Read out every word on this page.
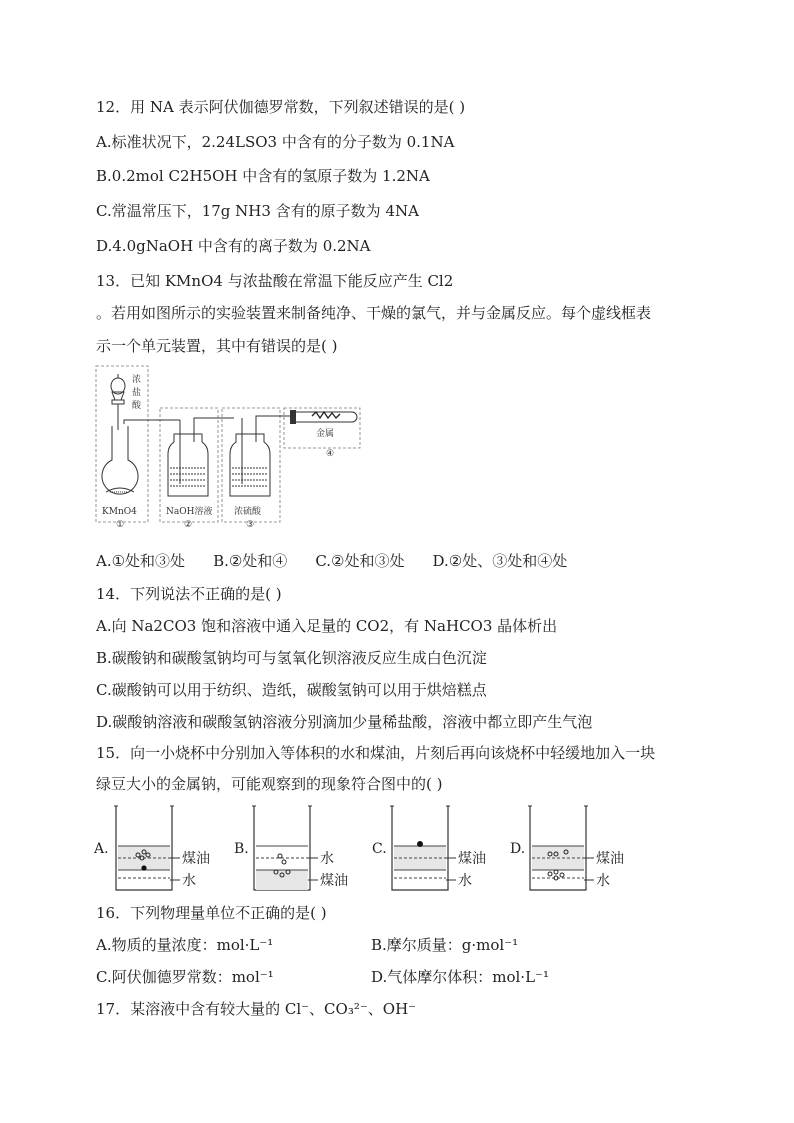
12．用 NA 表示阿伏伽德罗常数，下列叙述错误的是( )
A.标准状况下，2.24LSO3 中含有的分子数为 0.1NA
B.0.2mol C2H5OH 中含有的氢原子数为 1.2NA
C.常温常压下，17g NH3 含有的原子数为 4NA
D.4.0gNaOH 中含有的离子数为 0.2NA
13．已知 KMnO4 与浓盐酸在常温下能反应产生 Cl2
。若用如图所示的实验装置来制备纯净、干燥的氯气，并与金属反应。每个虚线框表
示一个单元装置，其中有错误的是( )
浓
盐
酸
KMnO4
①
NaOH溶液
②
浓硫酸
③
金属
④
A.①处和③处 B.②处和④ C.②处和③处 D.②处、③处和④处
14．下列说法不正确的是( )
A.向 Na2CO3 饱和溶液中通入足量的 CO2，有 NaHCO3 晶体析出
B.碳酸钠和碳酸氢钠均可与氢氧化钡溶液反应生成白色沉淀
C.碳酸钠可以用于纺织、造纸，碳酸氢钠可以用于烘焙糕点
D.碳酸钠溶液和碳酸氢钠溶液分别滴加少量稀盐酸，溶液中都立即产生气泡
15．向一小烧杯中分别加入等体积的水和煤油，片刻后再向该烧杯中轻缓地加入一块
绿豆大小的金属钠，可能观察到的现象符合图中的( )
A.
煤油
水
B.
水
煤油
C.
煤油
水
D.
煤油
水
16．下列物理量单位不正确的是( )
A.物质的量浓度：mol·L⁻¹	B.摩尔质量：g·mol⁻¹
C.阿伏伽德罗常数：mol⁻¹	D.气体摩尔体积：mol·L⁻¹
17．某溶液中含有较大量的 Cl⁻、CO₃²⁻、OH⁻
